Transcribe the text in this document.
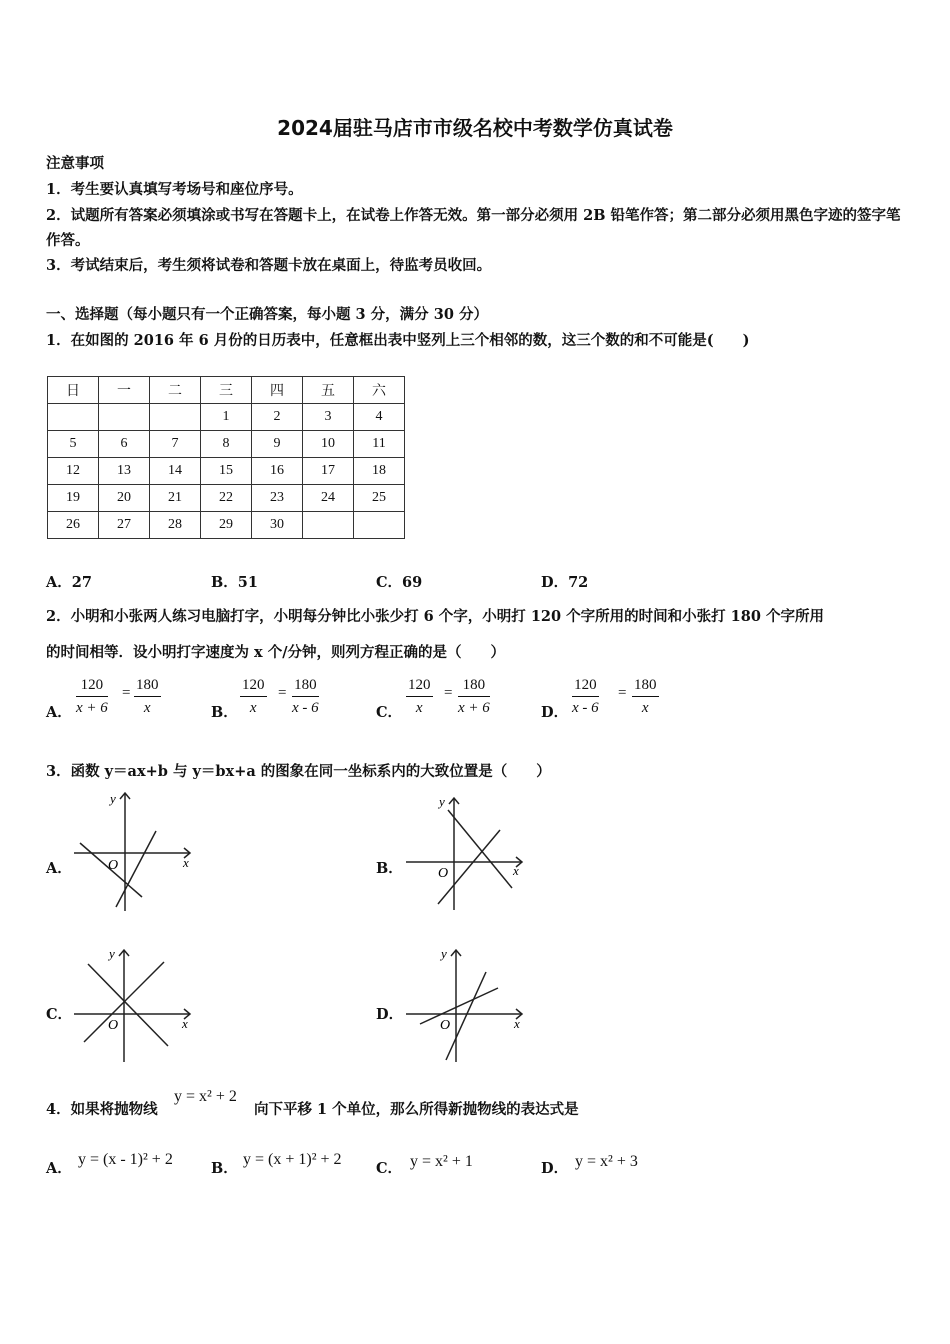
2024届驻马店市市级名校中考数学仿真试卷
注意事项
1．考生要认真填写考场号和座位序号。
2．试题所有答案必须填涂或书写在答题卡上，在试卷上作答无效。第一部分必须用 2B 铅笔作答；第二部分必须用黑色字迹的签字笔作答。
3．考试结束后，考生须将试卷和答题卡放在桌面上，待监考员收回。
一、选择题（每小题只有一个正确答案，每小题 3 分，满分 30 分）
1．在如图的 2016 年 6 月份的日历表中，任意框出表中竖列上三个相邻的数，这三个数的和不可能是(　　)
日	一	二	三	四	五	六
			1	2	3	4
5	6	7	8	9	10	11
12	13	14	15	16	17	18
19	20	21	22	23	24	25
26	27	28	29	30		
A．27	B．51	C．69	D．72
2．小明和小张两人练习电脑打字，小明每分钟比小张少打 6 个字，小明打 120 个字所用的时间和小张打 180 个字所用
的时间相等．设小明打字速度为 x 个/分钟，则列方程正确的是（　　）
A． $\frac{120}{x + 6} = \frac{180}{x}$	B． $\frac{120}{x} = \frac{180}{x - 6}$	C． $\frac{120}{x} = \frac{180}{x + 6}$	D． $\frac{120}{x - 6} = \frac{180}{x}$
3．函数 y＝ax+b 与 y＝bx+a 的图象在同一坐标系内的大致位置是（　　）
A．
y
x
O	B．
y
x
O
C．
y
x
O
D．
y
x
O
4．如果将抛物线
y = x² + 2
向下平移 1 个单位，那么所得新抛物线的表达式是
A．
y = (x - 1)² + 2
B．
y = (x + 1)² + 2
C． y = x² + 1	D． y = x² + 3
